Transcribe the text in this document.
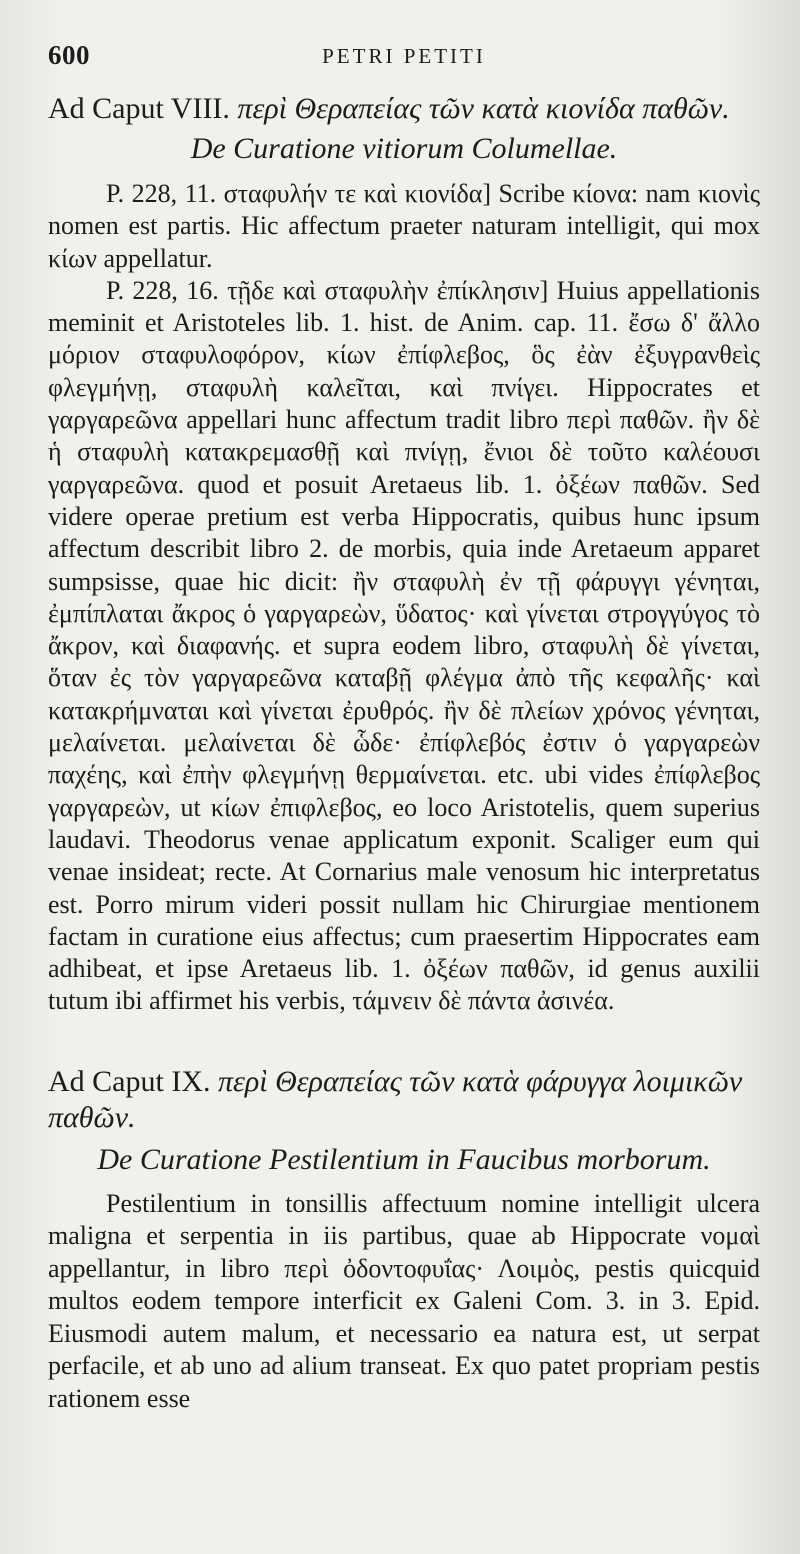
600	PETRI PETITI

Ad Caput VIII. περὶ Θεραπείας τῶν κατὰ κιονίδα παθῶν.

De Curatione vitiorum Columellae.

P. 228, 11. σταφυλήν τε καὶ κιονίδα] Scribe κίονα: nam κιονὶς nomen est partis. Hic affectum praeter naturam intelligit, qui mox κίων appellatur.

P. 228, 16. τῇδε καὶ σταφυλὴν ἐπίκλησιν] Huius appellationis meminit et Aristoteles lib. 1. hist. de Anim. cap. 11. ἔσω δ' ἄλλο μόριον σταφυλοφόρον, κίων ἐπίφλεβος, ὃς ἐὰν ἐξυγρανθεὶς φλεγμήνῃ, σταφυλὴ καλεῖται, καὶ πνίγει. Hippocrates et γαργαρεῶνα appellari hunc affectum tradit libro περὶ παθῶν. ἢν δὲ ἡ σταφυλὴ κατακρεμασθῇ καὶ πνίγῃ, ἔνιοι δὲ τοῦτο καλέουσι γαργαρεῶνα. quod et posuit Aretaeus lib. 1. ὀξέων παθῶν. Sed videre operae pretium est verba Hippocratis, quibus hunc ipsum affectum describit libro 2. de morbis, quia inde Aretaeum apparet sumpsisse, quae hic dicit: ἢν σταφυλὴ ἐν τῇ φάρυγγι γένηται, ἐμπίπλαται ἄκρος ὁ γαργαρεὼν, ὕδατος· καὶ γίνεται στρογγύγος τὸ ἄκρον, καὶ διαφανής. et supra eodem libro, σταφυλὴ δὲ γίνεται, ὅταν ἐς τὸν γαργαρεῶνα καταβῇ φλέγμα ἀπὸ τῆς κεφαλῆς· καὶ κατακρήμναται καὶ γίνεται ἐρυθρός. ἢν δὲ πλείων χρόνος γένηται, μελαίνεται. μελαίνεται δὲ ὧδε· ἐπίφλεβός ἐστιν ὁ γαργαρεὼν παχέης, καὶ ἐπὴν φλεγμήνῃ θερμαίνεται. etc. ubi vides ἐπίφλεβος γαργαρεὼν, ut κίων ἐπιφλεβος, eo loco Aristotelis, quem superius laudavi. Theodorus venae applicatum exponit. Scaliger eum qui venae insideat; recte. At Cornarius male venosum hic interpretatus est. Porro mirum videri possit nullam hic Chirurgiae mentionem factam in curatione eius affectus; cum praesertim Hippocrates eam adhibeat, et ipse Aretaeus lib. 1. ὀξέων παθῶν, id genus auxilii tutum ibi affirmet his verbis, τάμνειν δὲ πάντα ἀσινέα.

Ad Caput IX. περὶ Θεραπείας τῶν κατὰ φάρυγγα λοιμικῶν παθῶν.

De Curatione Pestilentium in Faucibus morborum.

Pestilentium in tonsillis affectuum nomine intelligit ulcera maligna et serpentia in iis partibus, quae ab Hippocrate νομαὶ appellantur, in libro περὶ ὀδοντοφυΐας· Λοιμὸς, pestis quicquid multos eodem tempore interficit ex Galeni Com. 3. in 3. Epid. Eiusmodi autem malum, et necessario ea natura est, ut serpat perfacile, et ab uno ad alium transeat. Ex quo patet propriam pestis rationem esse
